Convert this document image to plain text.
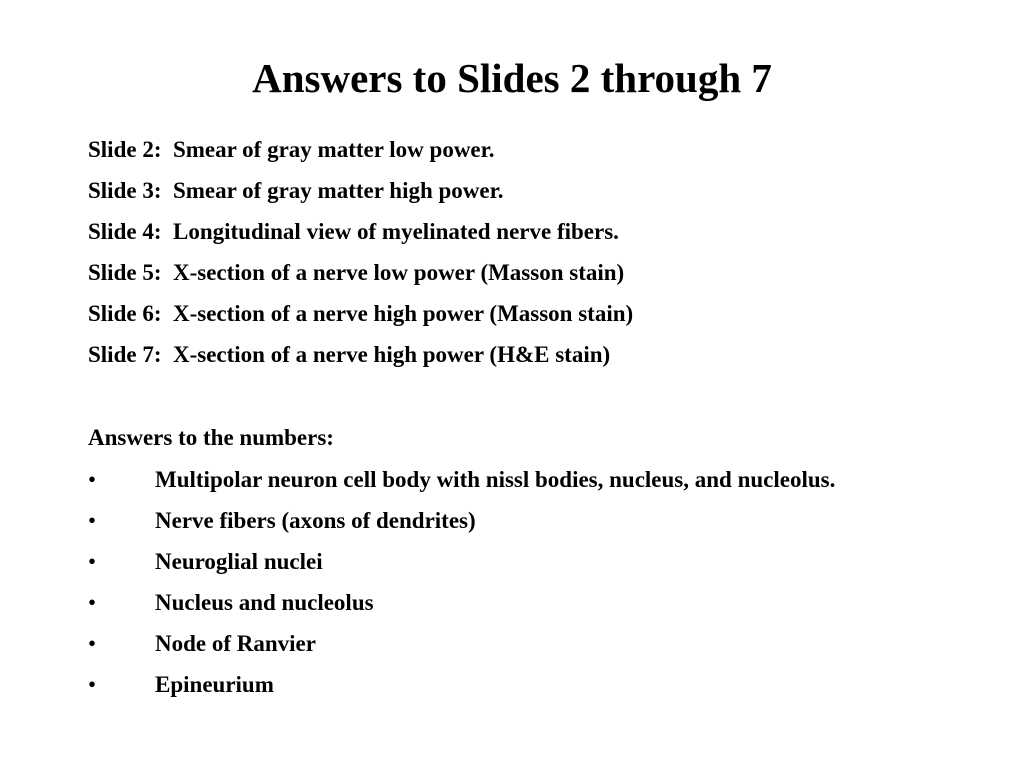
Answers to Slides 2 through 7
Slide 2:  Smear of gray matter low power.
Slide 3:  Smear of gray matter high power.
Slide 4:  Longitudinal view of myelinated nerve fibers.
Slide 5:  X-section of a nerve low power (Masson stain)
Slide 6:  X-section of a nerve high power (Masson stain)
Slide 7:  X-section of a nerve high power (H&E stain)

Answers to the numbers:

•	Multipolar neuron cell body with nissl bodies, nucleus, and nucleolus.
•	Nerve fibers (axons of dendrites)
•	Neuroglial nuclei
•	Nucleus and nucleolus
•	Node of Ranvier
•	Epineurium
